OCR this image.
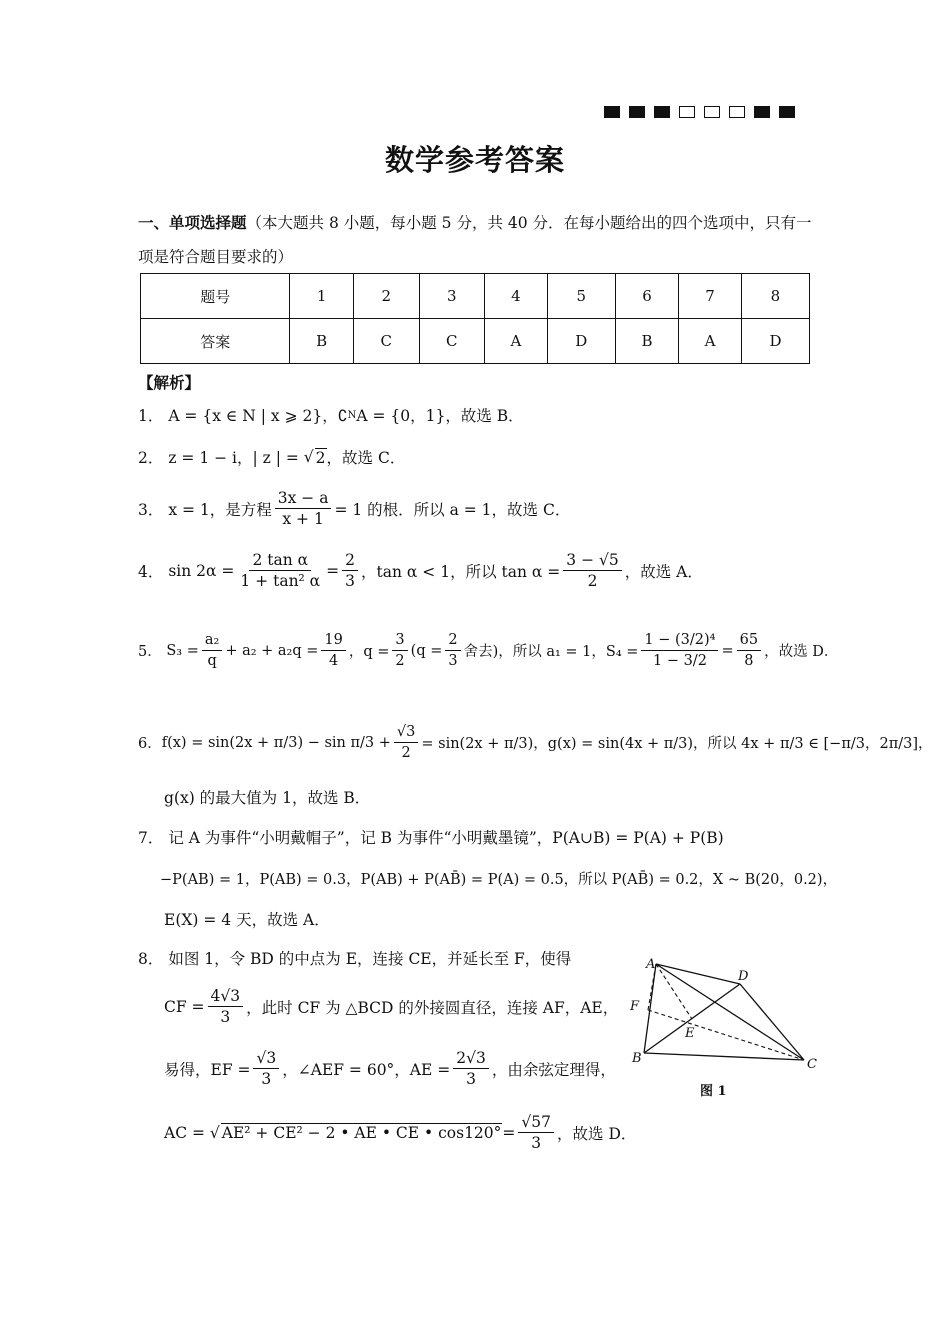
数学参考答案
一、单项选择题（本大题共 8 小题，每小题 5 分，共 40 分．在每小题给出的四个选项中，只有一项是符合题目要求的）
题号	1	2	3	4	5	6	7	8
答案	B	C	C	A	D	B	A	D
【解析】
1．
A = {x ∈ N | x ⩾ 2}，∁ N A = {0，1}，故选 B．
2．
z = 1 − i，| z | = √ 2 ，故选 C．
3．
x = 1，是方程 $\frac{3x - a}{x + 1} = 1$ 的根．所以 a = 1，故选 C．
4．
$\sin 2\alpha = \frac{\text{2 tan α}}{\text{1 + tan² α}} = \frac{2}{3}$ ，tan α < 1，所以 $\tan \alpha = \frac{3 - √5}{2}$ ，故选 A．
5．
$S_3 = \frac{\text{a₂}}{q} + a_2 + a_2q = \frac{19}{4}$ ，$q = \frac{3}{2} (q = \frac{2}{3}$ 舍去)，所以 a₁ = 1，$S_4 = \frac{\text{1 − (3/2)⁴}}{1 - 3/2} = \frac{65}{8}$ ，故选 D．
6． $f(x) = \sin(2x + \pi/3) - \sin \pi/3 + \frac{√3}{2} = \sin(2x + \pi/3)$，g(x) = sin(4x + π/3)，所以 4x + π/3 ∈ [−π/3，2π/3]，
g(x) 的最大值为 1，故选 B．
7．
记 A 为事件“小明戴帽子”，记 B 为事件“小明戴墨镜”，P(A∪B) = P(A) + P(B)
−P(AB) = 1，P(AB) = 0.3，P(AB) + P(AB̄) = P(A) = 0.5，所以 P(AB̄) = 0.2，X ~ B(20，0.2)，
E(X) = 4 天，故选 A．
8．
如图 1，令 BD 的中点为 E，连接 CE，并延长至 F，使得
CF = $\frac{4√3}{3}$ ，此时 CF 为 △BCD 的外接圆直径，连接 AF，AE，
易得，EF = $\frac{√3}{3}$ ，∠AEF = 60°，AE = $\frac{2√3}{3}$ ，由余弦定理得，
AC = √ AE² + CE² − 2 • AE • CE • $\cos 120^\circ = \frac{√57}{3}$ ，故选 D．
A
D
F
E
B	C
图 1
